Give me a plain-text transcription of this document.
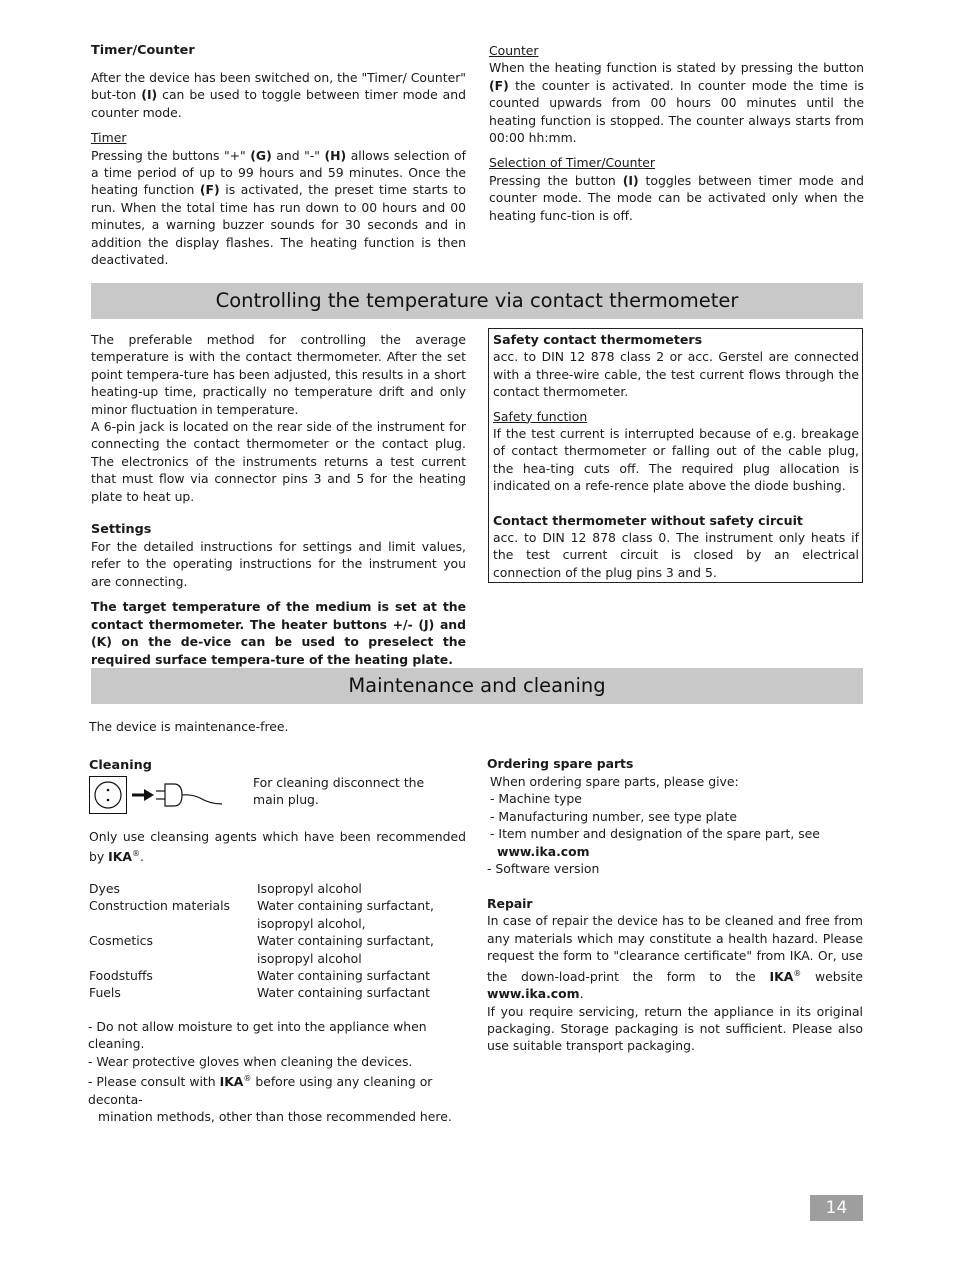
Timer/Counter
After the device has been switched on, the "Timer/ Counter" but-ton (I) can be used to toggle between timer mode and counter mode.
Timer
Pressing the buttons "+" (G) and "-" (H) allows selection of a time period of up to 99 hours and 59 minutes. Once the heating function (F) is activated, the preset time starts to run. When the total time has run down to 00 hours and 00 minutes, a warning buzzer sounds for 30 seconds and in addition the display flashes. The heating function is then deactivated.
Counter
When the heating function is stated by pressing the button (F) the counter is activated. In counter mode the time is counted upwards from 00 hours 00 minutes until the heating function is stopped. The counter always starts from 00:00 hh:mm.
Selection of Timer/Counter
Pressing the button (I) toggles between timer mode and counter mode. The mode can be activated only when the heating func-tion is off.
Controlling the temperature via contact thermometer
The preferable method for controlling the average temperature is with the contact thermometer. After the set point tempera-ture has been adjusted, this results in a short heating-up time, practically no temperature drift and only minor fluctuation in temperature.
A 6-pin jack is located on the rear side of the instrument for connecting the contact thermometer or the contact plug. The electronics of the instruments returns a test current that must flow via connector pins 3 and 5 for the heating plate to heat up.
Settings
For the detailed instructions for settings and limit values, refer to the operating instructions for the instrument you are connecting.
The target temperature of the medium is set at the contact thermometer. The heater buttons +/- (J) and (K) on the de-vice can be used to preselect the required surface tempera-ture of the heating plate.
Safety contact thermometers
acc. to DIN 12 878 class 2 or acc. Gerstel are connected with a three-wire cable, the test current flows through the contact thermometer.
Safety function
If the test current is interrupted because of e.g. breakage of contact thermometer or falling out of the cable plug, the hea-ting cuts off. The required plug allocation is indicated on a refe-rence plate above the diode bushing.
Contact thermometer without safety circuit
acc. to DIN 12 878 class 0. The instrument only heats if the test current circuit is closed by an electrical connection of the plug pins 3 and 5.
Maintenance and cleaning
The device is maintenance-free.
Cleaning
For cleaning disconnect the main plug.
Only use cleansing agents which have been recommended by IKA®.
Dyes	Isopropyl alcohol
Construction materials	Water containing surfactant, isopropyl alcohol,
Cosmetics	Water containing surfactant, isopropyl alcohol
Foodstuffs	Water containing surfactant
Fuels	Water containing surfactant
- Do not allow moisture to get into the appliance when cleaning.
- Wear protective gloves when cleaning the devices.
- Please consult with IKA® before using any cleaning or deconta-
mination methods, other than those recommended here.
Ordering spare parts
When ordering spare parts, please give:
- Machine type
- Manufacturing number, see type plate
- Item number and designation of the spare part, see
www.ika.com
- Software version
Repair
In case of repair the device has to be cleaned and free from any materials which may constitute a health hazard. Please request the form to "clearance certificate" from IKA. Or, use the down-load-print the form to the IKA® website www.ika.com.
If you require servicing, return the appliance in its original packaging. Storage packaging is not sufficient. Please also use suitable transport packaging.
14
